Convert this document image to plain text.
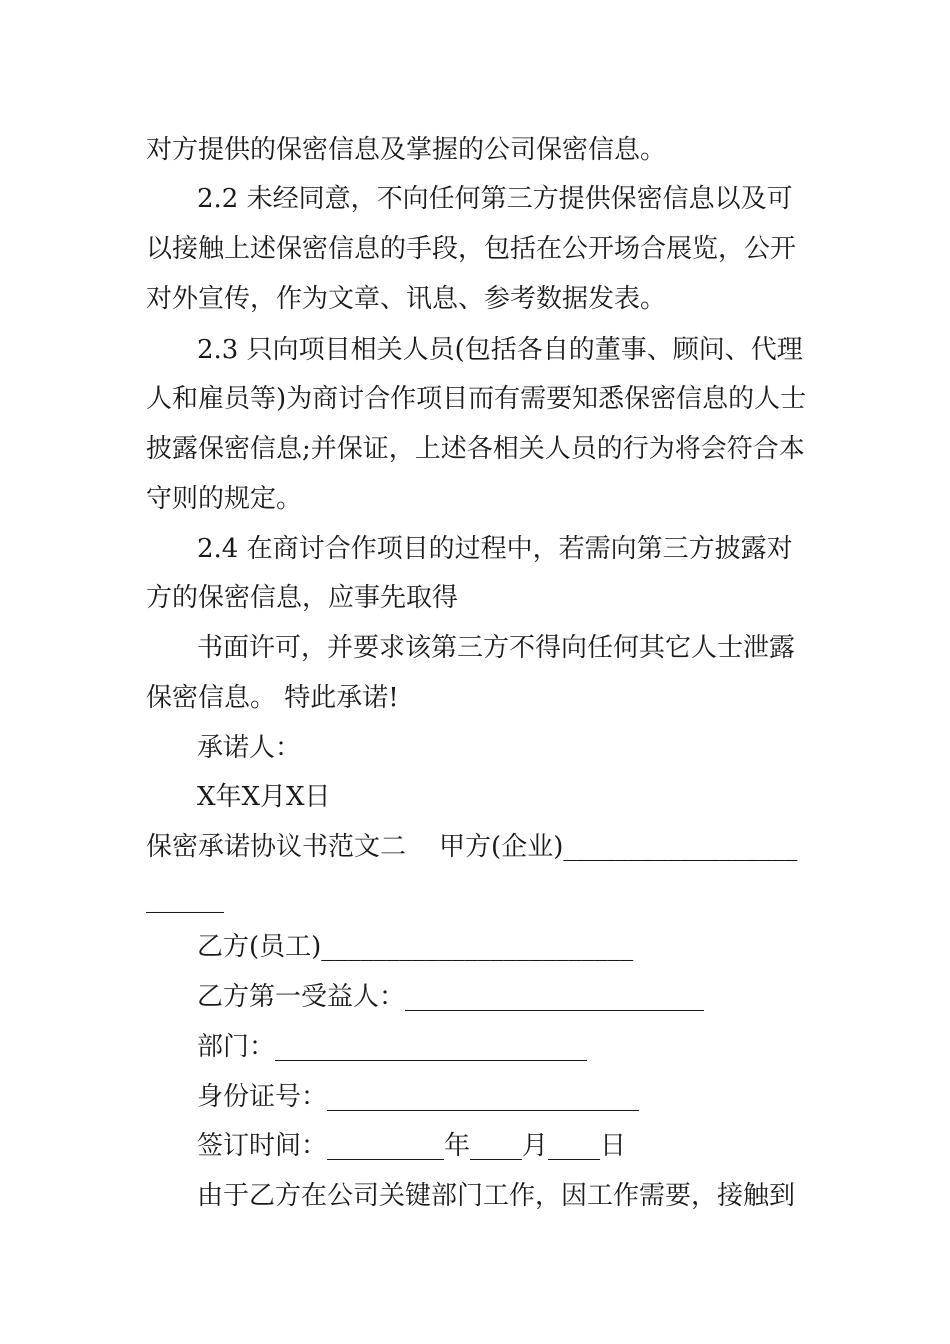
对方提供的保密信息及掌握的公司保密信息。
2.2 未经同意，不向任何第三方提供保密信息以及可
以接触上述保密信息的手段，包括在公开场合展览，公开
对外宣传，作为文章、讯息、参考数据发表。
2.3 只向项目相关人员(包括各自的董事、顾问、代理
人和雇员等)为商讨合作项目而有需要知悉保密信息的人士
披露保密信息;并保证，上述各相关人员的行为将会符合本
守则的规定。
2.4 在商讨合作项目的过程中，若需向第三方披露对
方的保密信息，应事先取得
书面许可，并要求该第三方不得向任何其它人士泄露
保密信息。 特此承诺!
承诺人：
X年X月X日
保密承诺协议书范文二    甲方(企业)__________________
______
乙方(员工)________________________
乙方第一受益人：_______________________
部门：________________________
身份证号：________________________
签订时间：_________年____月____日
由于乙方在公司关键部门工作，因工作需要，接触到
